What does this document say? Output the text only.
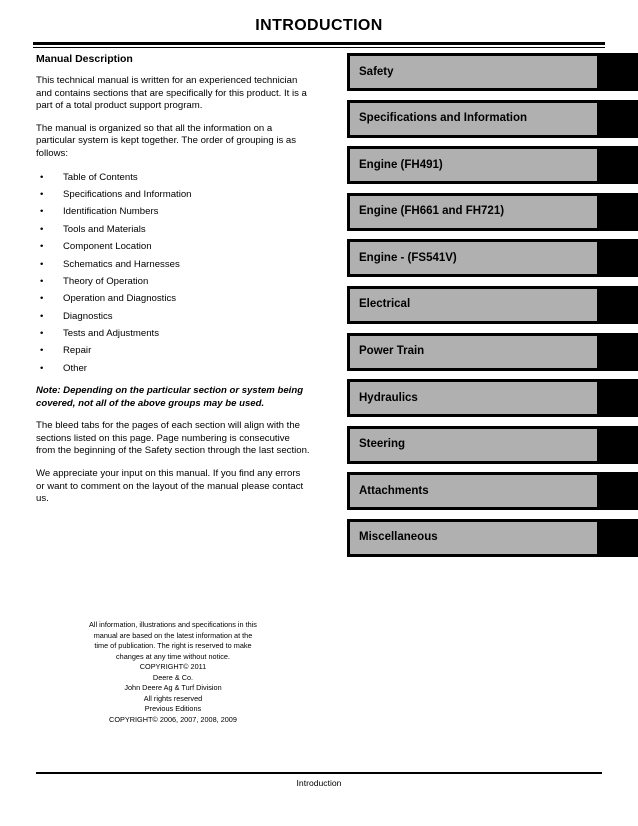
INTRODUCTION
Manual Description

This technical manual is written for an experienced technician and contains sections that are specifically for this product. It is a part of a total product support program.

The manual is organized so that all the information on a particular system is kept together. The order of grouping is as follows:

• Table of Contents
• Specifications and Information
• Identification Numbers
• Tools and Materials
• Component Location
• Schematics and Harnesses
• Theory of Operation
• Operation and Diagnostics
• Diagnostics
• Tests and Adjustments
• Repair
• Other

Note: Depending on the particular section or system being covered, not all of the above groups may be used.

The bleed tabs for the pages of each section will align with the sections listed on this page. Page numbering is consecutive from the beginning of the Safety section through the last section.

We appreciate your input on this manual. If you find any errors or want to comment on the layout of the manual please contact us.

Safety
Specifications and Information
Engine (FH491)
Engine (FH661 and FH721)
Engine - (FS541V)
Electrical
Power Train
Hydraulics
Steering
Attachments
Miscellaneous
All information, illustrations and specifications in this
manual are based on the latest information at the
time of publication. The right is reserved to make
changes at any time without notice.
COPYRIGHT© 2011
Deere & Co.
John Deere Ag & Turf Division
All rights reserved
Previous Editions
COPYRIGHT© 2006, 2007, 2008, 2009
Introduction
